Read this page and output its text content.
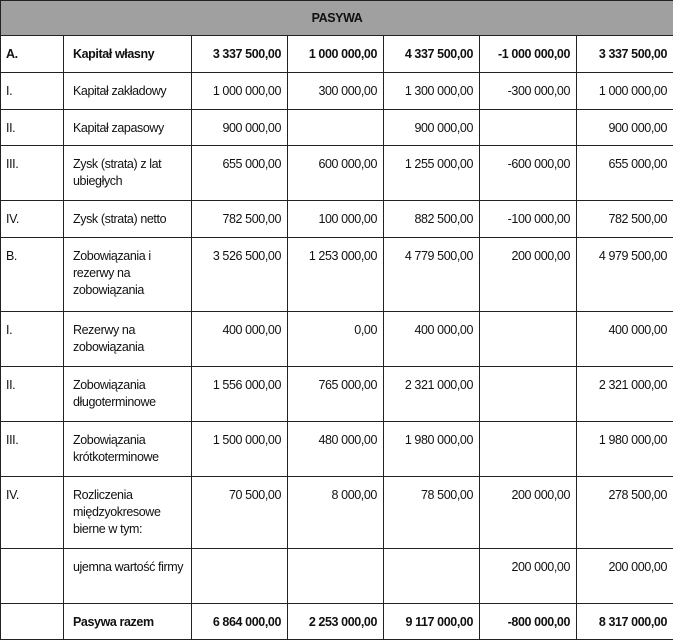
PASYWA						
A.	Kapitał własny	3 337 500,00	1 000 000,00	4 337 500,00	-1 000 000,00	3 337 500,00
I.	Kapitał zakładowy	1 000 000,00	300 000,00	1 300 000,00	-300 000,00	1 000 000,00
II.	Kapitał zapasowy	900 000,00		900 000,00		900 000,00
III.	Zysk (strata) z lat ubiegłych	655 000,00	600 000,00	1 255 000,00	-600 000,00	655 000,00
IV.	Zysk (strata) netto	782 500,00	100 000,00	882 500,00	-100 000,00	782 500,00
B.	Zobowiązania i rezerwy na zobowiązania	3 526 500,00	1 253 000,00	4 779 500,00	200 000,00	4 979 500,00
I.	Rezerwy na zobowiązania	400 000,00	0,00	400 000,00		400 000,00
II.	Zobowiązania długoterminowe	1 556 000,00	765 000,00	2 321 000,00		2 321 000,00
III.	Zobowiązania krótkoterminowe	1 500 000,00	480 000,00	1 980 000,00		1 980 000,00
IV.	Rozliczenia międzyokresowe bierne w tym:	70 500,00	8 000,00	78 500,00	200 000,00	278 500,00
	ujemna wartość firmy				200 000,00	200 000,00
	Pasywa razem	6 864 000,00	2 253 000,00	9 117 000,00	-800 000,00	8 317 000,00
